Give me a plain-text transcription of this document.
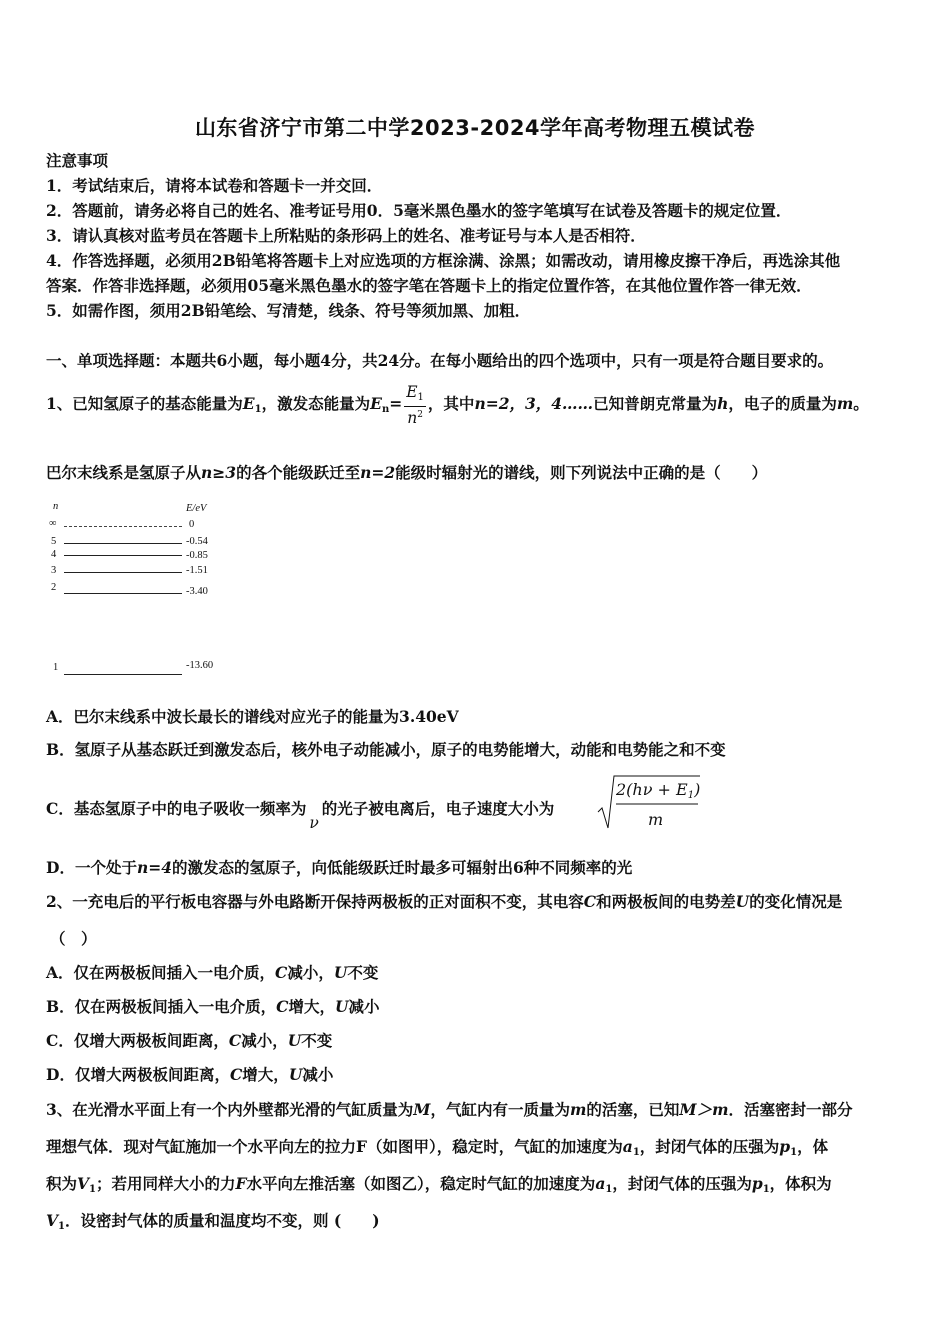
山东省济宁市第二中学2023-2024学年高考物理五模试卷
注意事项
1．考试结束后，请将本试卷和答题卡一并交回．
2．答题前，请务必将自己的姓名、准考证号用0．5毫米黑色墨水的签字笔填写在试卷及答题卡的规定位置．
3．请认真核对监考员在答题卡上所粘贴的条形码上的姓名、准考证号与本人是否相符．
4．作答选择题，必须用2B铅笔将答题卡上对应选项的方框涂满、涂黑；如需改动，请用橡皮擦干净后，再选涂其他
答案．作答非选择题，必须用05毫米黑色墨水的签字笔在答题卡上的指定位置作答，在其他位置作答一律无效．
5．如需作图，须用2B铅笔绘、写清楚，线条、符号等须加黑、加粗．
一、单项选择题：本题共6小题，每小题4分，共24分。在每小题给出的四个选项中，只有一项是符合题目要求的。
1、已知氢原子的基态能量为$E_1$，激发态能量为$E_n= \frac{E_1}{n^2}$ ，其中n=2，3，4……已知普朗克常量为h，电子的质量为m。
巴尔末线系是氢原子从n≥3的各个能级跃迁至n=2能级时辐射光的谱线，则下列说法中正确的是（　　）
n	E/eV
∞	0
5	-0.54
4	-0.85
3	-1.51
2	-3.40
1	-13.60
A．巴尔末线系中波长最长的谱线对应光子的能量为3.40eV
B．氢原子从基态跃迁到激发态后，核外电子动能减小，原子的电势能增大，动能和电势能之和不变
C．基态氢原子中的电子吸收一频率为ν的光子被电离后，电子速度大小为
2(hν + E1)
m
D．一个处于n=4的激发态的氢原子，向低能级跃迁时最多可辐射出6种不同频率的光
2、一充电后的平行板电容器与外电路断开保持两极板的正对面积不变，其电容C和两极板间的电势差U的变化情况是
（　）
A．仅在两极板间插入一电介质，C减小，U不变
B．仅在两极板间插入一电介质，C增大，U减小
C．仅增大两极板间距离，C减小，U不变
D．仅增大两极板间距离，C增大，U减小
3、在光滑水平面上有一个内外壁都光滑的气缸质量为M，气缸内有一质量为m的活塞，已知M＞m．活塞密封一部分
理想气体．现对气缸施加一个水平向左的拉力F（如图甲），稳定时，气缸的加速度为$a_1$，封闭气体的压强为$p_1$，体
积为$V_1$；若用同样大小的力F水平向左推活塞（如图乙），稳定时气缸的加速度为$a_1$，封闭气体的压强为$p_1$，体积为
$V_1$．设密封气体的质量和温度均不变，则 (　　)
